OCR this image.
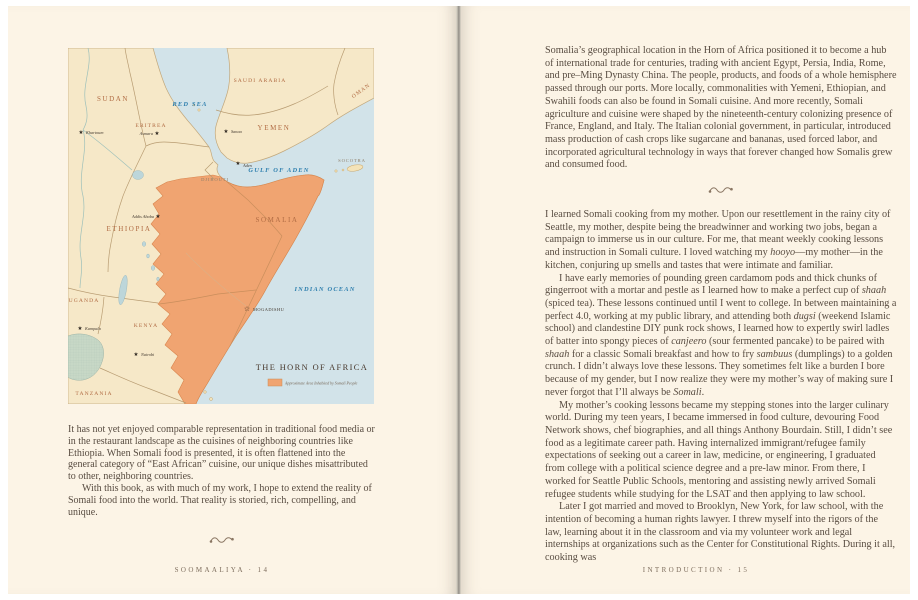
RED SEA
GULF OF ADEN
INDIAN OCEAN
SUDAN
ERITREA
ETHIOPIA
UGANDA
KENYA
TANZANIA
SOMALIA
YEMEN
SAUDI ARABIA
OMAN
DJIBOUTI
SOCOTRA
★ Khartoum	★
Asmara	★ Sanaa
★ Aden
★
Addis Ababa
☆ MOGADISHU
★ Kampala
★ Nairobi
THE HORN OF AFRICA
Approximate Area Inhabited by Somali People

It has not yet enjoyed comparable representation in traditional food media or in the restaurant landscape as the cuisines of neighboring countries like Ethiopia. When Somali food is presented, it is often flattened into the general category of “East African” cuisine, our unique dishes misattributed to other, neighboring countries.

With this book, as with much of my work, I hope to extend the reality of Somali food into the world. That reality is storied, rich, compelling, and unique.

SOOMAALIYA · 14

Somalia’s geographical location in the Horn of Africa positioned it to become a hub of international trade for centuries, trading with ancient Egypt, Persia, India, Rome, and pre–Ming Dynasty China. The people, products, and foods of a whole hemisphere passed through our ports. More locally, commonalities with Yemeni, Ethiopian, and Swahili foods can also be found in Somali cuisine. And more recently, Somali agriculture and cuisine were shaped by the nineteenth-century colonizing presence of France, England, and Italy. The Italian colonial government, in particular, introduced mass production of cash crops like sugarcane and bananas, used forced labor, and incorporated agricultural technology in ways that forever changed how Somalis grew and consumed food.

I learned Somali cooking from my mother. Upon our resettlement in the rainy city of Seattle, my mother, despite being the breadwinner and working two jobs, began a campaign to immerse us in our culture. For me, that meant weekly cooking lessons and instruction in Somali culture. I loved watching my hooyo—my mother—in the kitchen, conjuring up smells and tastes that were intimate and familiar.

I have early memories of pounding green cardamom pods and thick chunks of gingerroot with a mortar and pestle as I learned how to make a perfect cup of shaah (spiced tea). These lessons continued until I went to college. In between maintaining a perfect 4.0, working at my public library, and attending both dugsi (weekend Islamic school) and clandestine DIY punk rock shows, I learned how to expertly swirl ladles of batter into spongy pieces of canjeero (sour fermented pancake) to be paired with shaah for a classic Somali breakfast and how to fry sambuus (dumplings) to a golden crunch. I didn’t always love these lessons. They sometimes felt like a burden I bore because of my gender, but I now realize they were my mother’s way of making sure I never forgot that I’ll always be Somali.

My mother’s cooking lessons became my stepping stones into the larger culinary world. During my teen years, I became immersed in food culture, devouring Food Network shows, chef biographies, and all things Anthony Bourdain. Still, I didn’t see food as a legitimate career path. Having internalized immigrant/refugee family expectations of seeking out a career in law, medicine, or engineering, I graduated from college with a political science degree and a pre-law minor. From there, I worked for Seattle Public Schools, mentoring and assisting newly arrived Somali refugee students while studying for the LSAT and then applying to law school.

Later I got married and moved to Brooklyn, New York, for law school, with the intention of becoming a human rights lawyer. I threw myself into the rigors of the law, learning about it in the classroom and via my volunteer work and legal internships at organizations such as the Center for Constitutional Rights. During it all, cooking was

INTRODUCTION · 15
